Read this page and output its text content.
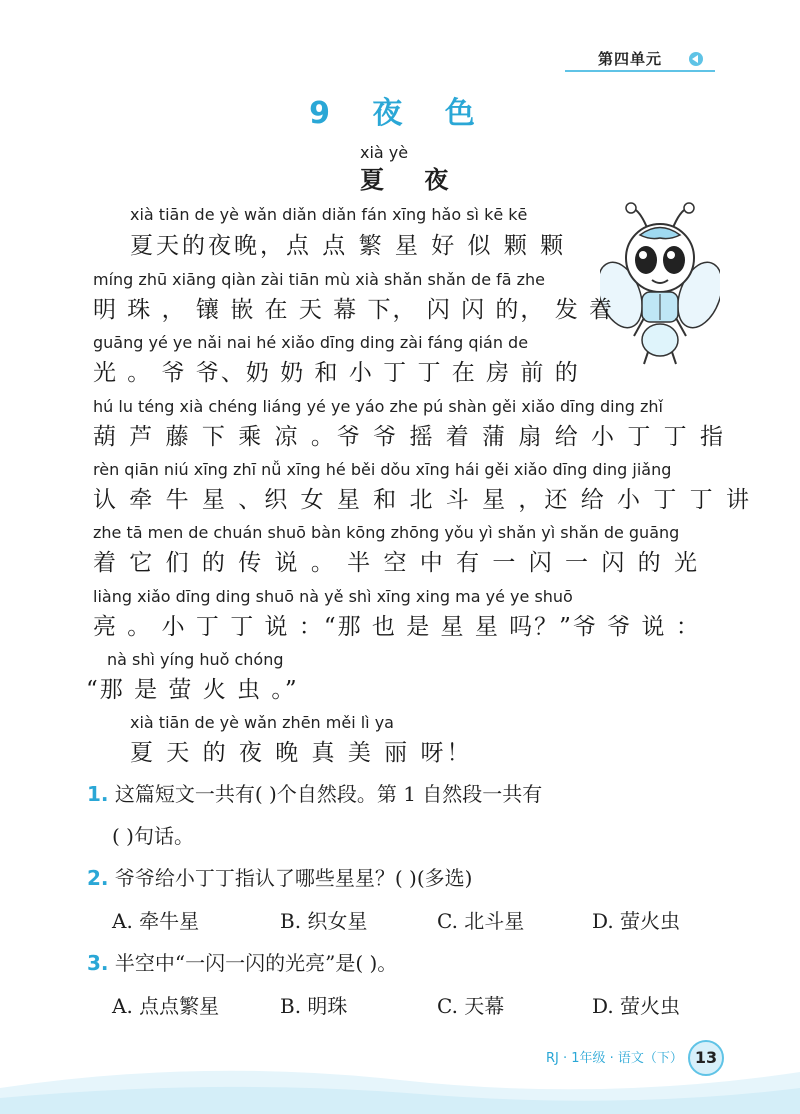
第四单元
9 夜 色
xià yè
夏 夜
xià tiān de yè wǎn diǎn diǎn fán xīng hǎo sì kē kē
夏天的夜晚，点 点 繁 星 好 似 颗 颗
míng zhū xiāng qiàn zài tiān mù xià shǎn shǎn de fā zhe
明 珠 ， 镶 嵌 在 天 幕 下， 闪 闪 的， 发 着
guāng yé ye nǎi nai hé xiǎo dīng ding zài fáng qián de
光 。 爷 爷、奶 奶 和 小 丁 丁 在 房 前 的
hú lu téng xià chéng liáng yé ye yáo zhe pú shàn gěi xiǎo dīng ding zhǐ
葫 芦 藤 下 乘 凉 。爷 爷 摇 着 蒲 扇 给 小 丁 丁 指
rèn qiān niú xīng zhī nǚ xīng hé běi dǒu xīng hái gěi xiǎo dīng ding jiǎng
认 牵 牛 星 、织 女 星 和 北 斗 星 ，还 给 小 丁 丁 讲
zhe tā men de chuán shuō bàn kōng zhōng yǒu yì shǎn yì shǎn de guāng
着 它 们 的 传 说 。 半 空 中 有 一 闪 一 闪 的 光
liàng xiǎo dīng ding shuō nà yě shì xīng xing ma yé ye shuō
亮 。 小 丁 丁 说 ：“那 也 是 星 星 吗？”爷 爷 说 ：
nà shì yíng huǒ chóng
“那 是 萤 火 虫 。”
xià tiān de yè wǎn zhēn měi lì ya
夏 天 的 夜 晚 真 美 丽 呀！
1. 这篇短文一共有( )个自然段。第 1 自然段一共有
( )句话。
2. 爷爷给小丁丁指认了哪些星星？( )(多选)
A. 牵牛星	B. 织女星	C. 北斗星	D. 萤火虫
3. 半空中“一闪一闪的光亮”是( )。
A. 点点繁星	B. 明珠	C. 天幕	D. 萤火虫
RJ · 1年级 · 语文（下） 13
